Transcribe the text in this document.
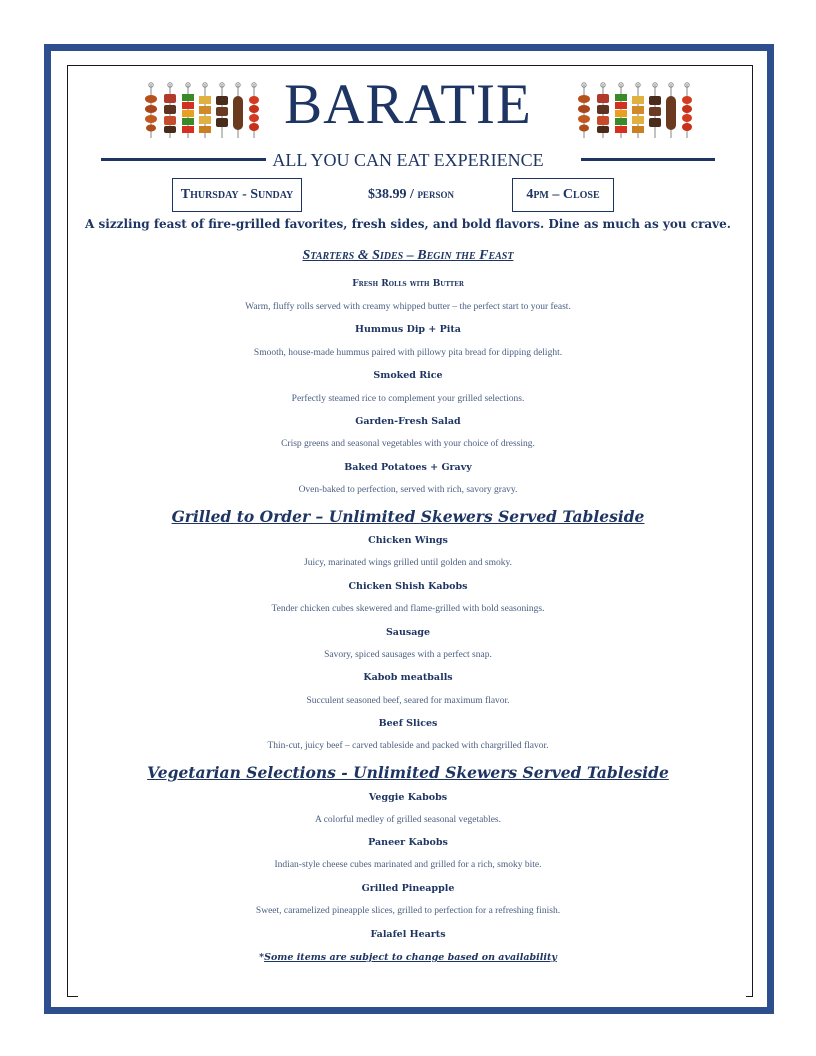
BARATIE
ALL YOU CAN EAT EXPERIENCE
Thursday - Sunday	$38.99 / person	4pm – Close
A sizzling feast of fire-grilled favorites, fresh sides, and bold flavors. Dine as much as you crave.
Starters & Sides – Begin the Feast
Fresh Rolls with Butter
Warm, fluffy rolls served with creamy whipped butter – the perfect start to your feast.
Hummus Dip + Pita
Smooth, house-made hummus paired with pillowy pita bread for dipping delight.
Smoked Rice
Perfectly steamed rice to complement your grilled selections.
Garden-Fresh Salad
Crisp greens and seasonal vegetables with your choice of dressing.
Baked Potatoes + Gravy
Oven-baked to perfection, served with rich, savory gravy.
Grilled to Order – Unlimited Skewers Served Tableside
Chicken Wings
Juicy, marinated wings grilled until golden and smoky.
Chicken Shish Kabobs
Tender chicken cubes skewered and flame-grilled with bold seasonings.
Sausage
Savory, spiced sausages with a perfect snap.
Kabob meatballs
Succulent seasoned beef, seared for maximum flavor.
Beef Slices
Thin-cut, juicy beef – carved tableside and packed with chargrilled flavor.
Vegetarian Selections - Unlimited Skewers Served Tableside
Veggie Kabobs
A colorful medley of grilled seasonal vegetables.
Paneer Kabobs
Indian-style cheese cubes marinated and grilled for a rich, smoky bite.
Grilled Pineapple
Sweet, caramelized pineapple slices, grilled to perfection for a refreshing finish.
Falafel Hearts
*Some items are subject to change based on availability
